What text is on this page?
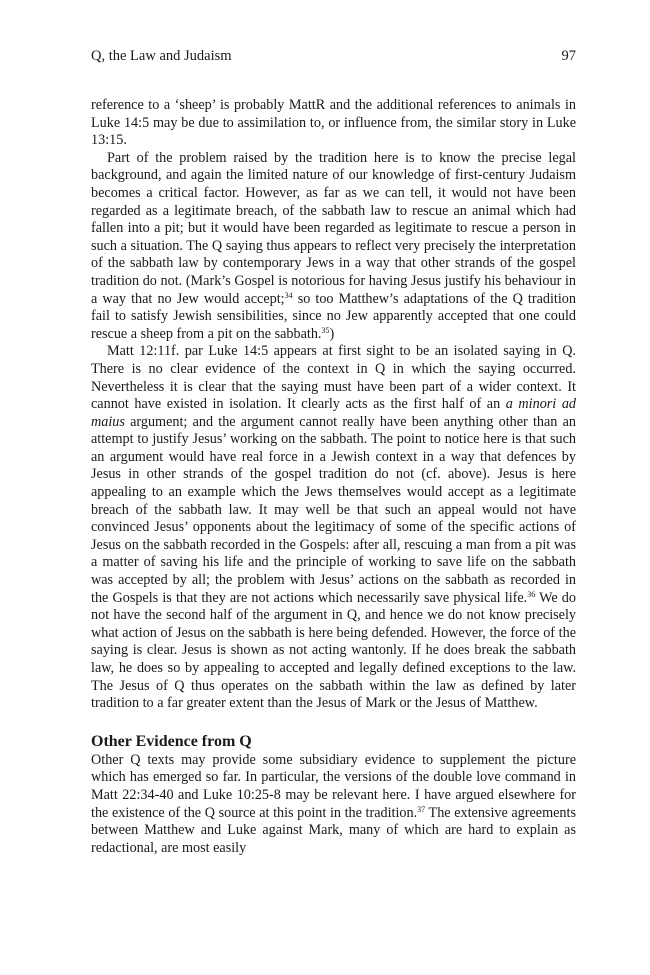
Q, the Law and Judaism	97

reference to a ‘sheep’ is probably MattR and the additional references to animals in Luke 14:5 may be due to assimilation to, or influence from, the similar story in Luke 13:15.

Part of the problem raised by the tradition here is to know the precise legal background, and again the limited nature of our knowledge of first-century Judaism becomes a critical factor. However, as far as we can tell, it would not have been regarded as a legitimate breach, of the sabbath law to rescue an animal which had fallen into a pit; but it would have been regarded as legitimate to rescue a person in such a situation. The Q saying thus appears to reflect very precisely the interpretation of the sabbath law by contemporary Jews in a way that other strands of the gospel tradition do not. (Mark’s Gospel is notorious for having Jesus justify his behaviour in a way that no Jew would accept;$^{34}$ so too Matthew’s adaptations of the Q tradition fail to satisfy Jewish sensibilities, since no Jew apparently accepted that one could rescue a sheep from a pit on the sabbath.$^{35}$)

Matt 12:11f. par Luke 14:5 appears at first sight to be an isolated saying in Q. There is no clear evidence of the context in Q in which the saying occurred. Nevertheless it is clear that the saying must have been part of a wider context. It cannot have existed in isolation. It clearly acts as the first half of an a minori ad maius argument; and the argument cannot really have been anything other than an attempt to justify Jesus’ working on the sabbath. The point to notice here is that such an argument would have real force in a Jewish context in a way that defences by Jesus in other strands of the gospel tradition do not (cf. above). Jesus is here appealing to an example which the Jews themselves would accept as a legitimate breach of the sabbath law. It may well be that such an appeal would not have convinced Jesus’ opponents about the legitimacy of some of the specific actions of Jesus on the sabbath recorded in the Gospels: after all, rescuing a man from a pit was a matter of saving his life and the principle of working to save life on the sabbath was accepted by all; the problem with Jesus’ actions on the sabbath as recorded in the Gospels is that they are not actions which necessarily save physical life.$^{36}$ We do not have the second half of the argument in Q, and hence we do not know precisely what action of Jesus on the sabbath is here being defended. However, the force of the saying is clear. Jesus is shown as not acting wantonly. If he does break the sabbath law, he does so by appealing to accepted and legally defined exceptions to the law. The Jesus of Q thus operates on the sabbath within the law as defined by later tradition to a far greater extent than the Jesus of Mark or the Jesus of Matthew.

Other Evidence from Q

Other Q texts may provide some subsidiary evidence to supplement the picture which has emerged so far. In particular, the versions of the double love command in Matt 22:34-40 and Luke 10:25-8 may be relevant here. I have argued elsewhere for the existence of the Q source at this point in the tradition.$^{37}$ The extensive agreements between Matthew and Luke against Mark, many of which are hard to explain as redactional, are most easily
